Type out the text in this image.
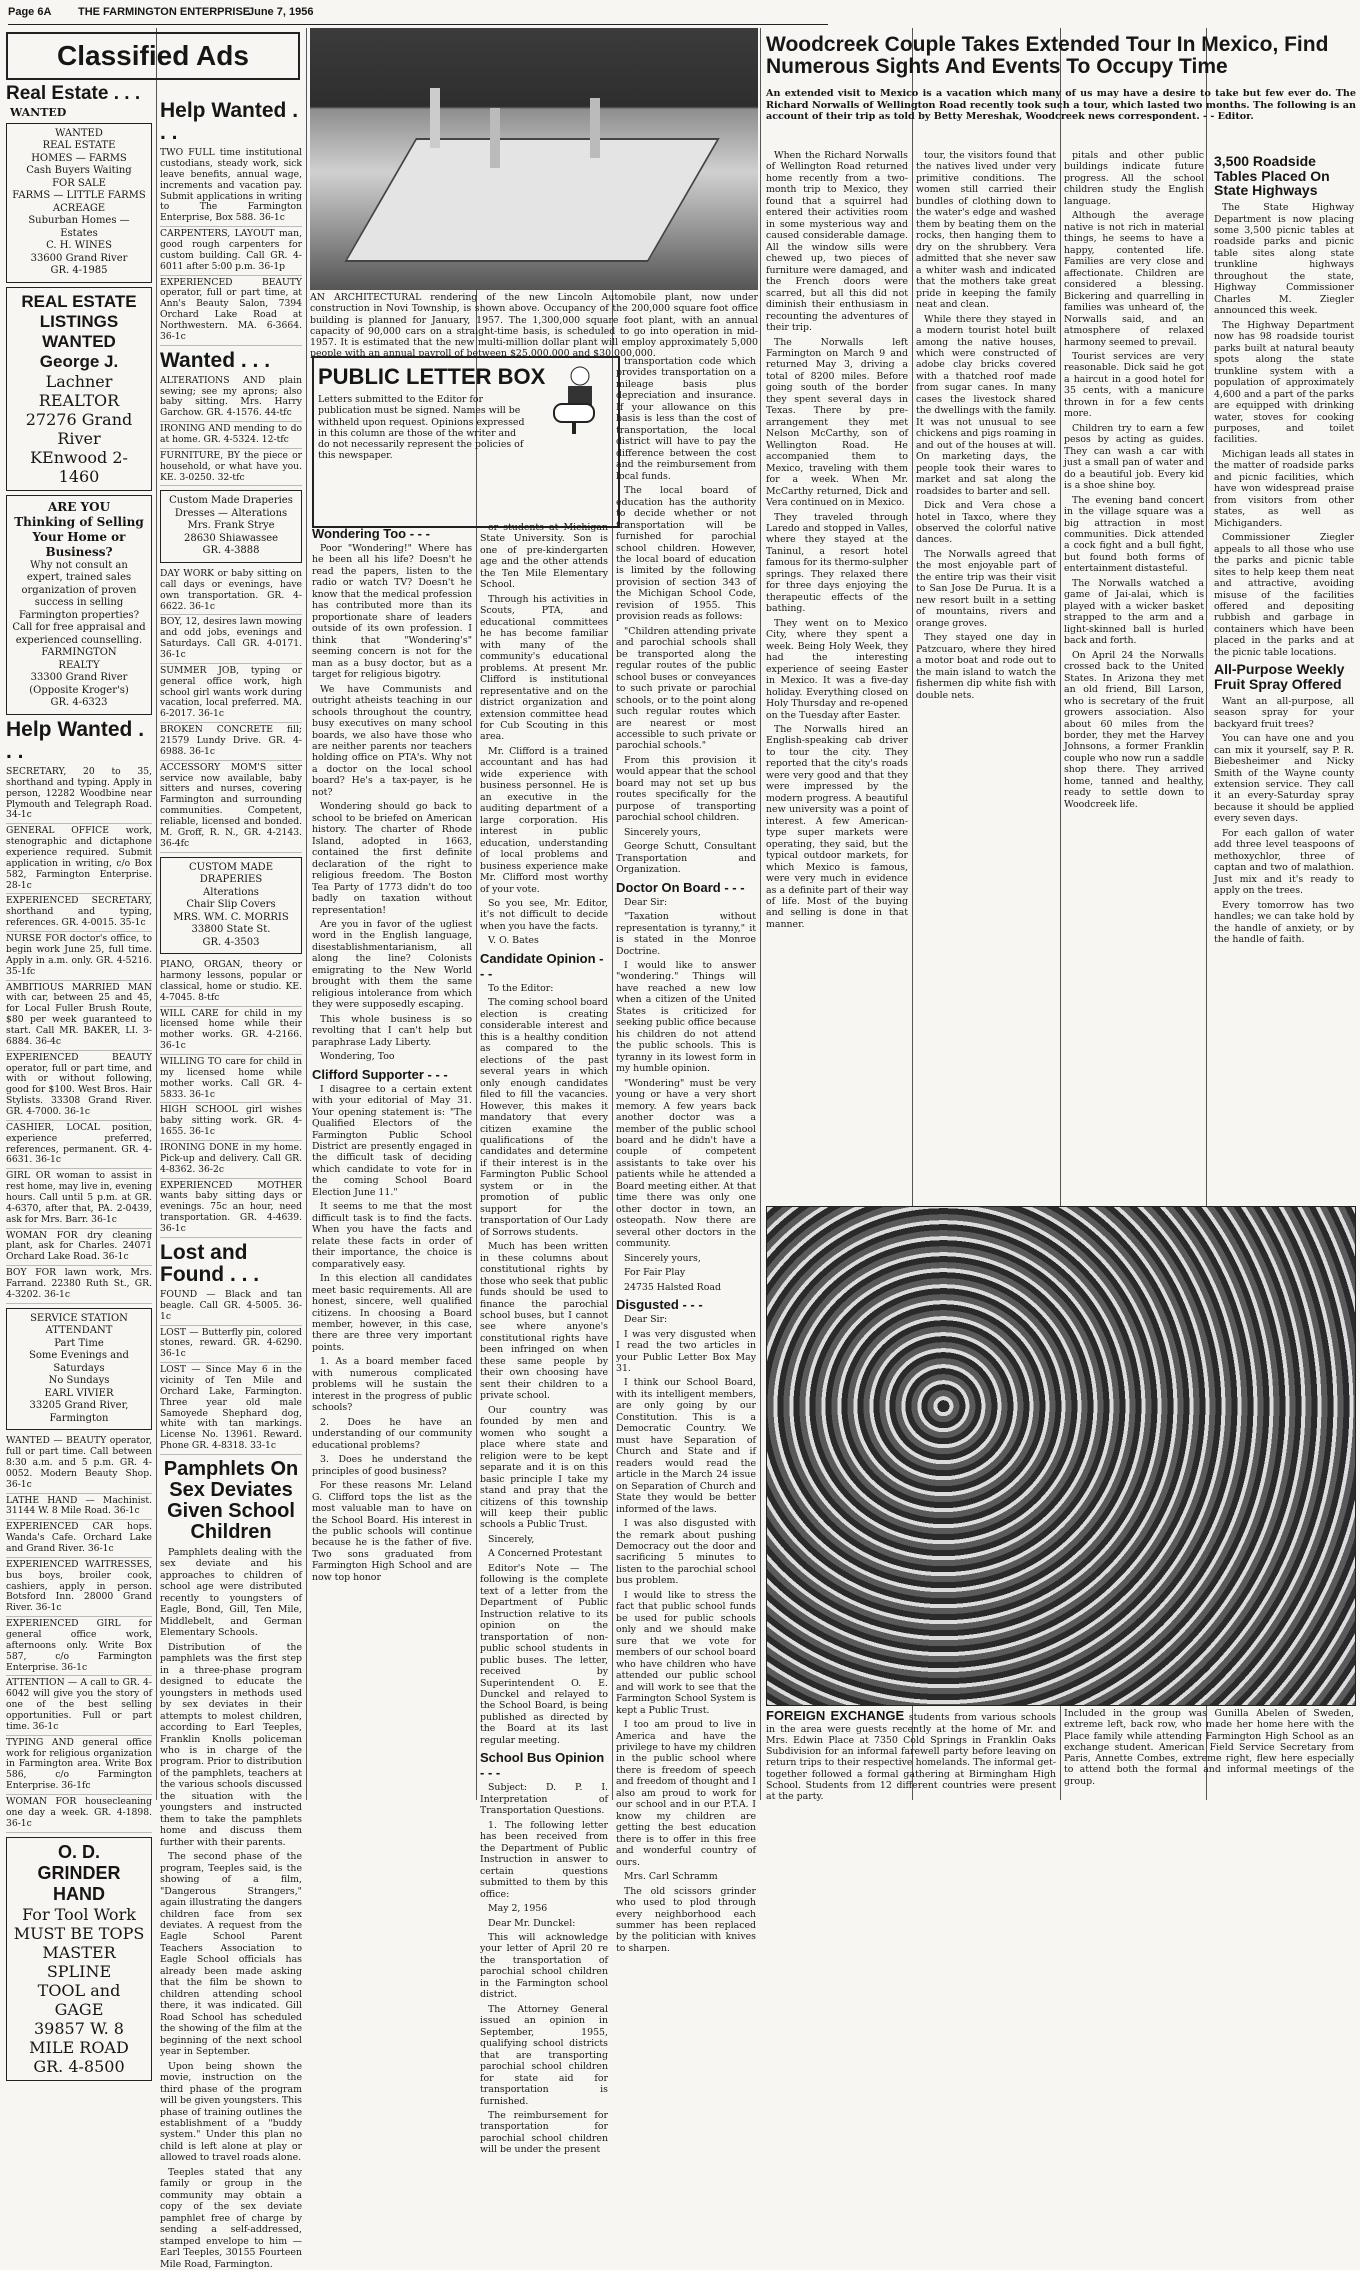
Page 6A THE FARMINGTON ENTERPRISE
June 7, 1956
Classified Ads
Real Estate . . .
WANTED
WANTED
REAL ESTATE
HOMES — FARMS
Cash Buyers Waiting
FOR SALE
FARMS — LITTLE FARMS
ACREAGE
Suburban Homes — Estates
C. H. WINES
33600 Grand River
GR. 4-1985
REAL ESTATE
LISTINGS
WANTED
George J.
Lachner
REALTOR
27276 Grand River
KEnwood 2-1460
ARE YOU
Thinking of Selling
Your Home or
Business?
Why not consult an expert, trained sales organization of proven success in selling Farmington properties? Call for free appraisal and experienced counselling.
FARMINGTON
REALTY
33300 Grand River
(Opposite Kroger's)
GR. 4-6323
Help Wanted . . .

SECRETARY, 20 to 35, shorthand and typing. Apply in person, 12282 Woodbine near Plymouth and Telegraph Road. 34-1c

GENERAL OFFICE work, stenographic and dictaphone experience required. Submit application in writing, c/o Box 582, Farmington Enterprise. 28-1c

EXPERIENCED SECRETARY, shorthand and typing, references. GR. 4-0015. 35-1c

NURSE FOR doctor's office, to begin work June 25, full time. Apply in a.m. only. GR. 4-5216. 35-1fc

AMBITIOUS MARRIED MAN with car, between 25 and 45, for Local Fuller Brush Route, $80 per week guaranteed to start. Call MR. BAKER, LI. 3-6884. 36-4c

EXPERIENCED BEAUTY operator, full or part time, and with or without following, good for $100. West Bros. Hair Stylists. 33308 Grand River. GR. 4-7000. 36-1c

CASHIER, LOCAL position, experience preferred, references, permanent. GR. 4-6631. 36-1c

GIRL OR woman to assist in rest home, may live in, evening hours. Call until 5 p.m. at GR. 4-6370, after that, PA. 2-0439, ask for Mrs. Barr. 36-1c

WOMAN FOR dry cleaning plant, ask for Charles. 24071 Orchard Lake Road. 36-1c

BOY FOR lawn work, Mrs. Farrand. 22380 Ruth St., GR. 4-3202. 36-1c

SERVICE STATION
ATTENDANT
Part Time
Some Evenings and Saturdays
No Sundays
EARL VIVIER
33205 Grand River, Farmington

WANTED — BEAUTY operator, full or part time. Call between 8:30 a.m. and 5 p.m. GR. 4-0052. Modern Beauty Shop. 36-1c

LATHE HAND — Machinist. 31144 W. 8 Mile Road. 36-1c

EXPERIENCED CAR hops. Wanda's Cafe. Orchard Lake and Grand River. 36-1c

EXPERIENCED WAITRESSES, bus boys, broiler cook, cashiers, apply in person. Botsford Inn. 28000 Grand River. 36-1c

EXPERIENCED GIRL for general office work, afternoons only. Write Box 587, c/o Farmington Enterprise. 36-1c

ATTENTION — A call to GR. 4-6042 will give you the story of one of the best selling opportunities. Full or part time. 36-1c

TYPING AND general office work for religious organization in Farmington area. Write Box 586, c/o Farmington Enterprise. 36-1fc

WOMAN FOR housecleaning one day a week. GR. 4-1898. 36-1c

O. D.
GRINDER
HAND
For Tool Work
MUST BE TOPS
MASTER SPLINE
TOOL and GAGE
39857 W. 8 MILE ROAD
GR. 4-8500
Help Wanted . . .

TWO FULL time institutional custodians, steady work, sick leave benefits, annual wage, increments and vacation pay. Submit applications in writing to The Farmington Enterprise, Box 588. 36-1c

CARPENTERS, LAYOUT man, good rough carpenters for custom building. Call GR. 4-6011 after 5:00 p.m. 36-1p

EXPERIENCED BEAUTY operator, full or part time, at Ann's Beauty Salon, 7394 Orchard Lake Road at Northwestern. MA. 6-3664. 36-1c

Wanted . . .

ALTERATIONS AND plain sewing; see my aprons; also baby sitting. Mrs. Harry Garchow. GR. 4-1576. 44-tfc

IRONING AND mending to do at home. GR. 4-5324. 12-tfc

FURNITURE, BY the piece or household, or what have you. KE. 3-0250. 32-tfc

Custom Made Draperies
Dresses — Alterations
Mrs. Frank Stryе
28630 Shiawassee
GR. 4-3888

DAY WORK or baby sitting on call days or evenings, have own transportation. GR. 4-6622. 36-1c

BOY, 12, desires lawn mowing and odd jobs, evenings and Saturdays. Call GR. 4-0171. 36-1c

SUMMER JOB, typing or general office work, high school girl wants work during vacation, local preferred. MA. 6-2017. 36-1c

BROKEN CONCRETE fill; 21579 Lundy Drive. GR. 4-6988. 36-1c

ACCESSORY MOM'S sitter service now available, baby sitters and nurses, covering Farmington and surrounding communities. Competent, reliable, licensed and bonded. M. Groff, R. N., GR. 4-2143. 36-4fc

CUSTOM MADE DRAPERIES
Alterations
Chair Slip Covers
MRS. WM. C. MORRIS
33800 State St.
GR. 4-3503

PIANO, ORGAN, theory or harmony lessons, popular or classical, home or studio. KE. 4-7045. 8-tfc

WILL CARE for child in my licensed home while their mother works. GR. 4-2166. 36-1c

WILLING TO care for child in my licensed home while mother works. Call GR. 4-5833. 36-1c

HIGH SCHOOL girl wishes baby sitting work. GR. 4-1655. 36-1c

IRONING DONE in my home. Pick-up and delivery. Call GR. 4-8362. 36-2c

EXPERIENCED MOTHER wants baby sitting days or evenings. 75c an hour, need transportation. GR. 4-4639. 36-1c

Lost and Found . . .

FOUND — Black and tan beagle. Call GR. 4-5005. 36-1c

LOST — Butterfly pin, colored stones, reward. GR. 4-6290. 36-1c

LOST — Since May 6 in the vicinity of Ten Mile and Orchard Lake, Farmington. Three year old male Samoyede Shephard dog, white with tan markings. License No. 13961. Reward. Phone GR. 4-8318. 33-1c

Pamphlets On Sex Deviates Given School Children

Pamphlets dealing with the sex deviate and his approaches to children of school age were distributed recently to youngsters of Eagle, Bond, Gill, Ten Mile, Middlebelt, and German Elementary Schools.

Distribution of the pamphlets was the first step in a three-phase program designed to educate the youngsters in methods used by sex deviates in their attempts to molest children, according to Earl Teeples, Franklin Knolls policeman who is in charge of the program. Prior to distribution of the pamphlets, teachers at the various schools discussed the situation with the youngsters and instructed them to take the pamphlets home and discuss them further with their parents.

The second phase of the program, Teeples said, is the showing of a film, "Dangerous Strangers," again illustrating the dangers children face from sex deviates. A request from the Eagle School Parent Teachers Association to Eagle School officials has already been made asking that the film be shown to children attending school there, it was indicated. Gill Road School has scheduled the showing of the film at the beginning of the next school year in September.

Upon being shown the movie, instruction on the third phase of the program will be given youngsters. This phase of training outlines the establishment of a "buddy system." Under this plan no child is left alone at play or allowed to travel roads alone.

Teeples stated that any family or group in the community may obtain a copy of the sex deviate pamphlet free of charge by sending a self-addressed, stamped envelope to him — Earl Teeples, 30155 Fourteen Mile Road, Farmington.

AN ARCHITECTURAL rendering of the new Lincoln Automobile plant, now under construction in Novi Township, is shown above. Occupancy of the 200,000 square foot office building is planned for January, 1957. The 1,300,000 square foot plant, with an annual capacity of 90,000 cars on a straight-time basis, is scheduled to go into operation in mid-1957. It is estimated that the new multi-million dollar plant will employ approximately 5,000 people with an annual payroll of between $25,000,000 and $30,000,000.
PUBLIC LETTER BOX
Letters submitted to the Editor for publication must be signed. Names will be withheld upon request. Opinions expressed in this column are those of the writer and do not necessarily represent the policies of this newspaper.
Wondering Too - - -

Poor "Wondering!" Where has he been all his life? Doesn't he read the papers, listen to the radio or watch TV? Doesn't he know that the medical profession has contributed more than its proportionate share of leaders outside of its own profession. I think that "Wondering's" seeming concern is not for the man as a busy doctor, but as a target for religious bigotry.

We have Communists and outright atheists teaching in our schools throughout the country, busy executives on many school boards, we also have those who are neither parents nor teachers holding office on PTA's. Why not a doctor on the local school board? He's a tax-payer, is he not?

Wondering should go back to school to be briefed on American history. The charter of Rhode Island, adopted in 1663, contained the first definite declaration of the right to religious freedom. The Boston Tea Party of 1773 didn't do too badly on taxation without representation!

Are you in favor of the ugliest word in the English language, disestablishmentarianism, all along the line? Colonists emigrating to the New World brought with them the same religious intolerance from which they were supposedly escaping.

This whole business is so revolting that I can't help but paraphrase Lady Liberty.

Wondering, Too

Clifford Supporter - - -

I disagree to a certain extent with your editorial of May 31. Your opening statement is: "The Qualified Electors of the Farmington Public School District are presently engaged in the difficult task of deciding which candidate to vote for in the coming School Board Election June 11."

It seems to me that the most difficult task is to find the facts. When you have the facts and relate these facts in order of their importance, the choice is comparatively easy.

In this election all candidates meet basic requirements. All are honest, sincere, well qualified citizens. In choosing a Board member, however, in this case, there are three very important points.

1. As a board member faced with numerous complicated problems will he sustain the interest in the progress of public schools?

2. Does he have an understanding of our community educational problems?

3. Does he understand the principles of good business?

For these reasons Mr. Leland G. Clifford tops the list as the most valuable man to have on the School Board. His interest in the public schools will continue because he is the father of five. Two sons graduated from Farmington High School and are now top honor

or students at Michigan State University. Son is one of pre-kindergarten age and the other attends the Ten Mile Elementary School.

Through his activities in Scouts, PTA, and educational committees he has become familiar with many of the community's educational problems. At present Mr. Clifford is institutional representative and on the district organization and extension committee head for Cub Scouting in this area.

Mr. Clifford is a trained accountant and has had wide experience with business personnel. He is an executive in the auditing department of a large corporation. His interest in public education, understanding of local problems and business experience make Mr. Clifford most worthy of your vote.

So you see, Mr. Editor, it's not difficult to decide when you have the facts.

V. O. Bates

Candidate Opinion - - -

To the Editor:

The coming school board election is creating considerable interest and this is a healthy condition as compared to the elections of the past several years in which only enough candidates filed to fill the vacancies. However, this makes it mandatory that every citizen examine the qualifications of the candidates and determine if their interest is in the Farmington Public School system or in the promotion of public support for the transportation of Our Lady of Sorrows students.

Much has been written in these columns about constitutional rights by those who seek that public funds should be used to finance the parochial school buses, but I cannot see where anyone's constitutional rights have been infringed on when these same people by their own choosing have sent their children to a private school.

Our country was founded by men and women who sought a place where state and religion were to be kept separate and it is on this basic principle I take my stand and pray that the citizens of this township will keep their public schools a Public Trust.

Sincerely,

A Concerned Protestant

Editor's Note — The following is the complete text of a letter from the Department of Public Instruction relative to its opinion on the transportation of non-public school students in public buses. The letter, received by Superintendent O. E. Dunckel and relayed to the School Board, is being published as directed by the Board at its last regular meeting.

School Bus Opinion - - -

Subject: D. P. I. Interpretation of Transportation Questions.

1. The following letter has been received from the Department of Public Instruction in answer to certain questions submitted to them by this office:

May 2, 1956

Dear Mr. Dunckel:

This will acknowledge your letter of April 20 re the transportation of parochial school children in the Farmington school district.

The Attorney General issued an opinion in September, 1955, qualifying school districts that are transporting parochial school children for state aid for transportation is furnished.

The reimbursement for transportation for parochial school children will be under the present

transportation code which provides transportation on a mileage basis plus depreciation and insurance. If your allowance on this basis is less than the cost of transportation, the local district will have to pay the difference between the cost and the reimbursement from local funds.

The local board of education has the authority to decide whether or not transportation will be furnished for parochial school children. However, the local board of education is limited by the following provision of section 343 of the Michigan School Code, revision of 1955. This provision reads as follows:

"Children attending private and parochial schools shall be transported along the regular routes of the public school buses or conveyances to such private or parochial schools, or to the point along such regular routes which are nearest or most accessible to such private or parochial schools."

From this provision it would appear that the school board may not set up bus routes specifically for the purpose of transporting parochial school children.

Sincerely yours,

George Schutt, Consultant Transportation and Organization.

Doctor On Board - - -

Dear Sir:

"Taxation without representation is tyranny," it is stated in the Monroe Doctrine.

I would like to answer "wondering." Things will have reached a new low when a citizen of the United States is criticized for seeking public office because his children do not attend the public schools. This is tyranny in its lowest form in my humble opinion.

"Wondering" must be very young or have a very short memory. A few years back another doctor was a member of the public school board and he didn't have a couple of competent assistants to take over his patients while he attended a Board meeting either. At that time there was only one other doctor in town, an osteopath. Now there are several other doctors in the community.

Sincerely yours,

For Fair Play

24735 Halsted Road

Disgusted - - -

Dear Sir:

I was very disgusted when I read the two articles in your Public Letter Box May 31.

I think our School Board, with its intelligent members, are only going by our Constitution. This is a Democratic Country. We must have Separation of Church and State and if readers would read the article in the March 24 issue on Separation of Church and State they would be better informed of the laws.

I was also disgusted with the remark about pushing Democracy out the door and sacrificing 5 minutes to listen to the parochial school bus problem.

I would like to stress the fact that public school funds be used for public schools only and we should make sure that we vote for members of our school board who have children who have attended our public school and will work to see that the Farmington School System is kept a Public Trust.

I too am proud to live in America and have the privilege to have my children in the public school where there is freedom of speech and freedom of thought and I also am proud to work for our school and in our P.T.A. I know my children are getting the best education there is to offer in this free and wonderful country of ours.

Mrs. Carl Schramm

The old scissors grinder who used to plod through every neighborhood each summer has been replaced by the politician with knives to sharpen.

Woodcreek Couple Takes Extended Tour In Mexico, Find Numerous Sights And Events To Occupy Time
An extended visit to Mexico is a vacation which many of us may have a desire to take but few ever do. The Richard Norwalls of Wellington Road recently took such a tour, which lasted two months. The following is an account of their trip as told by Betty Mereshak, Woodcreek news correspondent. - - Editor.

When the Richard Norwalls of Wellington Road returned home recently from a two-month trip to Mexico, they found that a squirrel had entered their activities room in some mysterious way and caused considerable damage. All the window sills were chewed up, two pieces of furniture were damaged, and the French doors were scarred, but all this did not diminish their enthusiasm in recounting the adventures of their trip.

The Norwalls left Farmington on March 9 and returned May 3, driving a total of 8200 miles. Before going south of the border they spent several days in Texas. There by pre-arrangement they met Nelson McCarthy, son of Wellington Road. He accompanied them to Mexico, traveling with them for a week. When Mr. McCarthy returned, Dick and Vera continued on in Mexico.

They traveled through Laredo and stopped in Valles, where they stayed at the Taninul, a resort hotel famous for its thermo-sulpher springs. They relaxed there for three days enjoying the therapeutic effects of the bathing.

They went on to Mexico City, where they spent a week. Being Holy Week, they had the interesting experience of seeing Easter in Mexico. It was a five-day holiday. Everything closed on Holy Thursday and re-opened on the Tuesday after Easter.

The Norwalls hired an English-speaking cab driver to tour the city. They reported that the city's roads were very good and that they were impressed by the modern progress. A beautiful new university was a point of interest. A few American-type super markets were operating, they said, but the typical outdoor markets, for which Mexico is famous, were very much in evidence as a definite part of their way of life. Most of the buying and selling is done in that manner.

tour, the visitors found that the natives lived under very primitive conditions. The women still carried their bundles of clothing down to the water's edge and washed them by beating them on the rocks, then hanging them to dry on the shrubbery. Vera admitted that she never saw a whiter wash and indicated that the mothers take great pride in keeping the family neat and clean.

While there they stayed in a modern tourist hotel built among the native houses, which were constructed of adobe clay bricks covered with a thatched roof made from sugar canes. In many cases the livestock shared the dwellings with the family. It was not unusual to see chickens and pigs roaming in and out of the houses at will. On marketing days, the people took their wares to market and sat along the roadsides to barter and sell.

Dick and Vera chose a hotel in Taxco, where they observed the colorful native dances.

The Norwalls agreed that the most enjoyable part of the entire trip was their visit to San Jose De Purua. It is a new resort built in a setting of mountains, rivers and orange groves.

They stayed one day in Patzcuaro, where they hired a motor boat and rode out to the main island to watch the fishermen dip white fish with double nets.

pitals and other public buildings indicate future progress. All the school children study the English language.

Although the average native is not rich in material things, he seems to have a happy, contented life. Families are very close and affectionate. Children are considered a blessing. Bickering and quarrelling in families was unheard of, the Norwalls said, and an atmosphere of relaxed harmony seemed to prevail.

Tourist services are very reasonable. Dick said he got a haircut in a good hotel for 35 cents, with a manicure thrown in for a few cents more.

Children try to earn a few pesos by acting as guides. They can wash a car with just a small pan of water and do a beautiful job. Every kid is a shoe shine boy.

The evening band concert in the village square was a big attraction in most communities. Dick attended a cock fight and a bull fight, but found both forms of entertainment distasteful.

The Norwalls watched a game of Jai-alai, which is played with a wicker basket strapped to the arm and a light-skinned ball is hurled back and forth.

On April 24 the Norwalls crossed back to the United States. In Arizona they met an old friend, Bill Larson, who is secretary of the fruit growers association. Also about 60 miles from the border, they met the Harvey Johnsons, a former Franklin couple who now run a saddle shop there. They arrived home, tanned and healthy, ready to settle down to Woodcreek life.

3,500 Roadside Tables Placed On State Highways

The State Highway Department is now placing some 3,500 picnic tables at roadside parks and picnic table sites along state trunkline highways throughout the state, Highway Commissioner Charles M. Ziegler announced this week.

The Highway Department now has 98 roadside tourist parks built at natural beauty spots along the state trunkline system with a population of approximately 4,600 and a part of the parks are equipped with drinking water, stoves for cooking purposes, and toilet facilities.

Michigan leads all states in the matter of roadside parks and picnic facilities, which have won widespread praise from visitors from other states, as well as Michiganders.

Commissioner Ziegler appeals to all those who use the parks and picnic table sites to help keep them neat and attractive, avoiding misuse of the facilities offered and depositing rubbish and garbage in containers which have been placed in the parks and at the picnic table locations.

All-Purpose Weekly Fruit Spray Offered

Want an all-purpose, all season spray for your backyard fruit trees?

You can have one and you can mix it yourself, say P. R. Biebesheimer and Nicky Smith of the Wayne county extension service. They call it an every-Saturday spray because it should be applied every seven days.

For each gallon of water add three level teaspoons of methoxychlor, three of captan and two of malathion. Just mix and it's ready to apply on the trees.

Every tomorrow has two handles; we can take hold by the handle of anxiety, or by the handle of faith.

FOREIGN EXCHANGE students from various schools in the area were guests recently at the home of Mr. and Mrs. Edwin Place at 7350 Cold Springs in Franklin Oaks Subdivision for an informal farewell party before leaving on return trips to their respective homelands. The informal get-together followed a formal gathering at Birmingham High School. Students from 12 different countries were present at the party.
Included in the group was Gunilla Abelen of Sweden, extreme left, back row, who made her home here with the Place family while attending Farmington High School as an exchange student. American Field Service Secretary from Paris, Annette Combes, extreme right, flew here especially to attend both the formal and informal meetings of the group.
